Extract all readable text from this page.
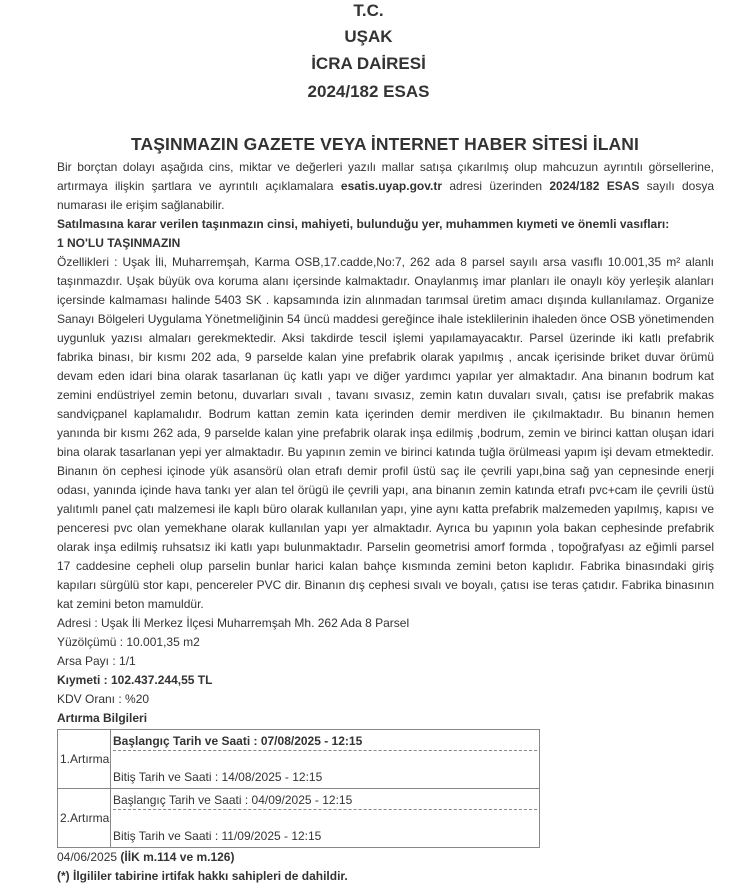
T.C.
UŞAK
İCRA DAİRESİ
2024/182 ESAS
TAŞINMAZIN GAZETE VEYA İNTERNET HABER SİTESİ İLANI

Bir borçtan dolayı aşağıda cins, miktar ve değerleri yazılı mallar satışa çıkarılmış olup mahcuzun ayrıntılı görsellerine, artırmaya ilişkin şartlara ve ayrıntılı açıklamalara esatis.uyap.gov.tr adresi üzerinden 2024/182 ESAS sayılı dosya numarası ile erişim sağlanabilir.

Satılmasına karar verilen taşınmazın cinsi, mahiyeti, bulunduğu yer, muhammen kıymeti ve önemli vasıfları:

1 NO'LU TAŞINMAZIN

Özellikleri : Uşak İli, Muharremşah, Karma OSB,17.cadde,No:7, 262 ada 8 parsel sayılı arsa vasıflı 10.001,35 m² alanlı taşınmazdır. Uşak büyük ova koruma alanı içersinde kalmaktadır. Onaylanmış imar planları ile onaylı köy yerleşik alanları içersinde kalmaması halinde 5403 SK . kapsamında izin alınmadan tarımsal üretim amacı dışında kullanılamaz. Organize Sanayı Bölgeleri Uygulama Yönetmeliğinin 54 üncü maddesi gereğince ihale isteklilerinin ihaleden önce OSB yönetimenden uygunluk yazısı almaları gerekmektedir. Aksi takdirde tescil işlemi yapılamayacaktır. Parsel üzerinde iki katlı prefabrik fabrika binası, bir kısmı 202 ada, 9 parselde kalan yine prefabrik olarak yapılmış , ancak içerisinde briket duvar örümü devam eden idari bina olarak tasarlanan üç katlı yapı ve diğer yardımcı yapılar yer almaktadır. Ana binanın bodrum kat zemini endüstriyel zemin betonu, duvarları sıvalı , tavanı sıvasız, zemin katın duvaları sıvalı, çatısı ise prefabrik makas sandviçpanel kaplamalıdır. Bodrum kattan zemin kata içerinden demir merdiven ile çıkılmaktadır. Bu binanın hemen yanında bir kısmı 262 ada, 9 parselde kalan yine prefabrik olarak inşa edilmiş ,bodrum, zemin ve birinci kattan oluşan idari bina olarak tasarlanan yepi yer almaktadır. Bu yapının zemin ve birinci katında tuğla örülmeasi yapım işi devam etmektedir. Binanın ön cephesi içinode yük asansörü olan etrafı demir profil üstü saç ile çevrili yapı,bina sağ yan cepnesinde enerji odası, yanında içinde hava tankı yer alan tel örügü ile çevrili yapı, ana binanın zemin katında etrafı pvc+cam ile çevrili üstü yalıtımlı panel çatı malzemesi ile kaplı büro olarak kullanılan yapı, yine aynı katta prefabrik malzemeden yapılmış, kapısı ve penceresi pvc olan yemekhane olarak kullanılan yapı yer almaktadır. Ayrıca bu yapının yola bakan cephesinde prefabrik olarak inşa edilmiş ruhsatsız iki katlı yapı bulunmaktadır. Parselin geometrisi amorf formda , topoğrafyası az eğimli parsel 17 caddesine cepheli olup parselin bunlar harici kalan bahçe kısmında zemini beton kaplıdır. Fabrika binasındaki giriş kapıları sürgülü stor kapı, pencereler PVC dir. Binanın dış cephesi sıvalı ve boyalı, çatısı ise teras çatıdır. Fabrika binasının kat zemini beton mamuldür.

Adresi : Uşak İli Merkez İlçesi Muharremşah Mh. 262 Ada 8 Parsel

Yüzölçümü : 10.001,35 m2

Arsa Payı : 1/1

Kıymeti : 102.437.244,55 TL

KDV Oranı : %20

Artırma Bilgileri

1.Artırma	Başlangıç Tarih ve Saati : 07/08/2025 - 12:15
Bitiş Tarih ve Saati : 14/08/2025 - 12:15

2.Artırma	Başlangıç Tarih ve Saati : 04/09/2025 - 12:15
Bitiş Tarih ve Saati : 11/09/2025 - 12:15

04/06/2025 (İİK m.114 ve m.126)

(*) İlgililer tabirine irtifak hakkı sahipleri de dahildir.
